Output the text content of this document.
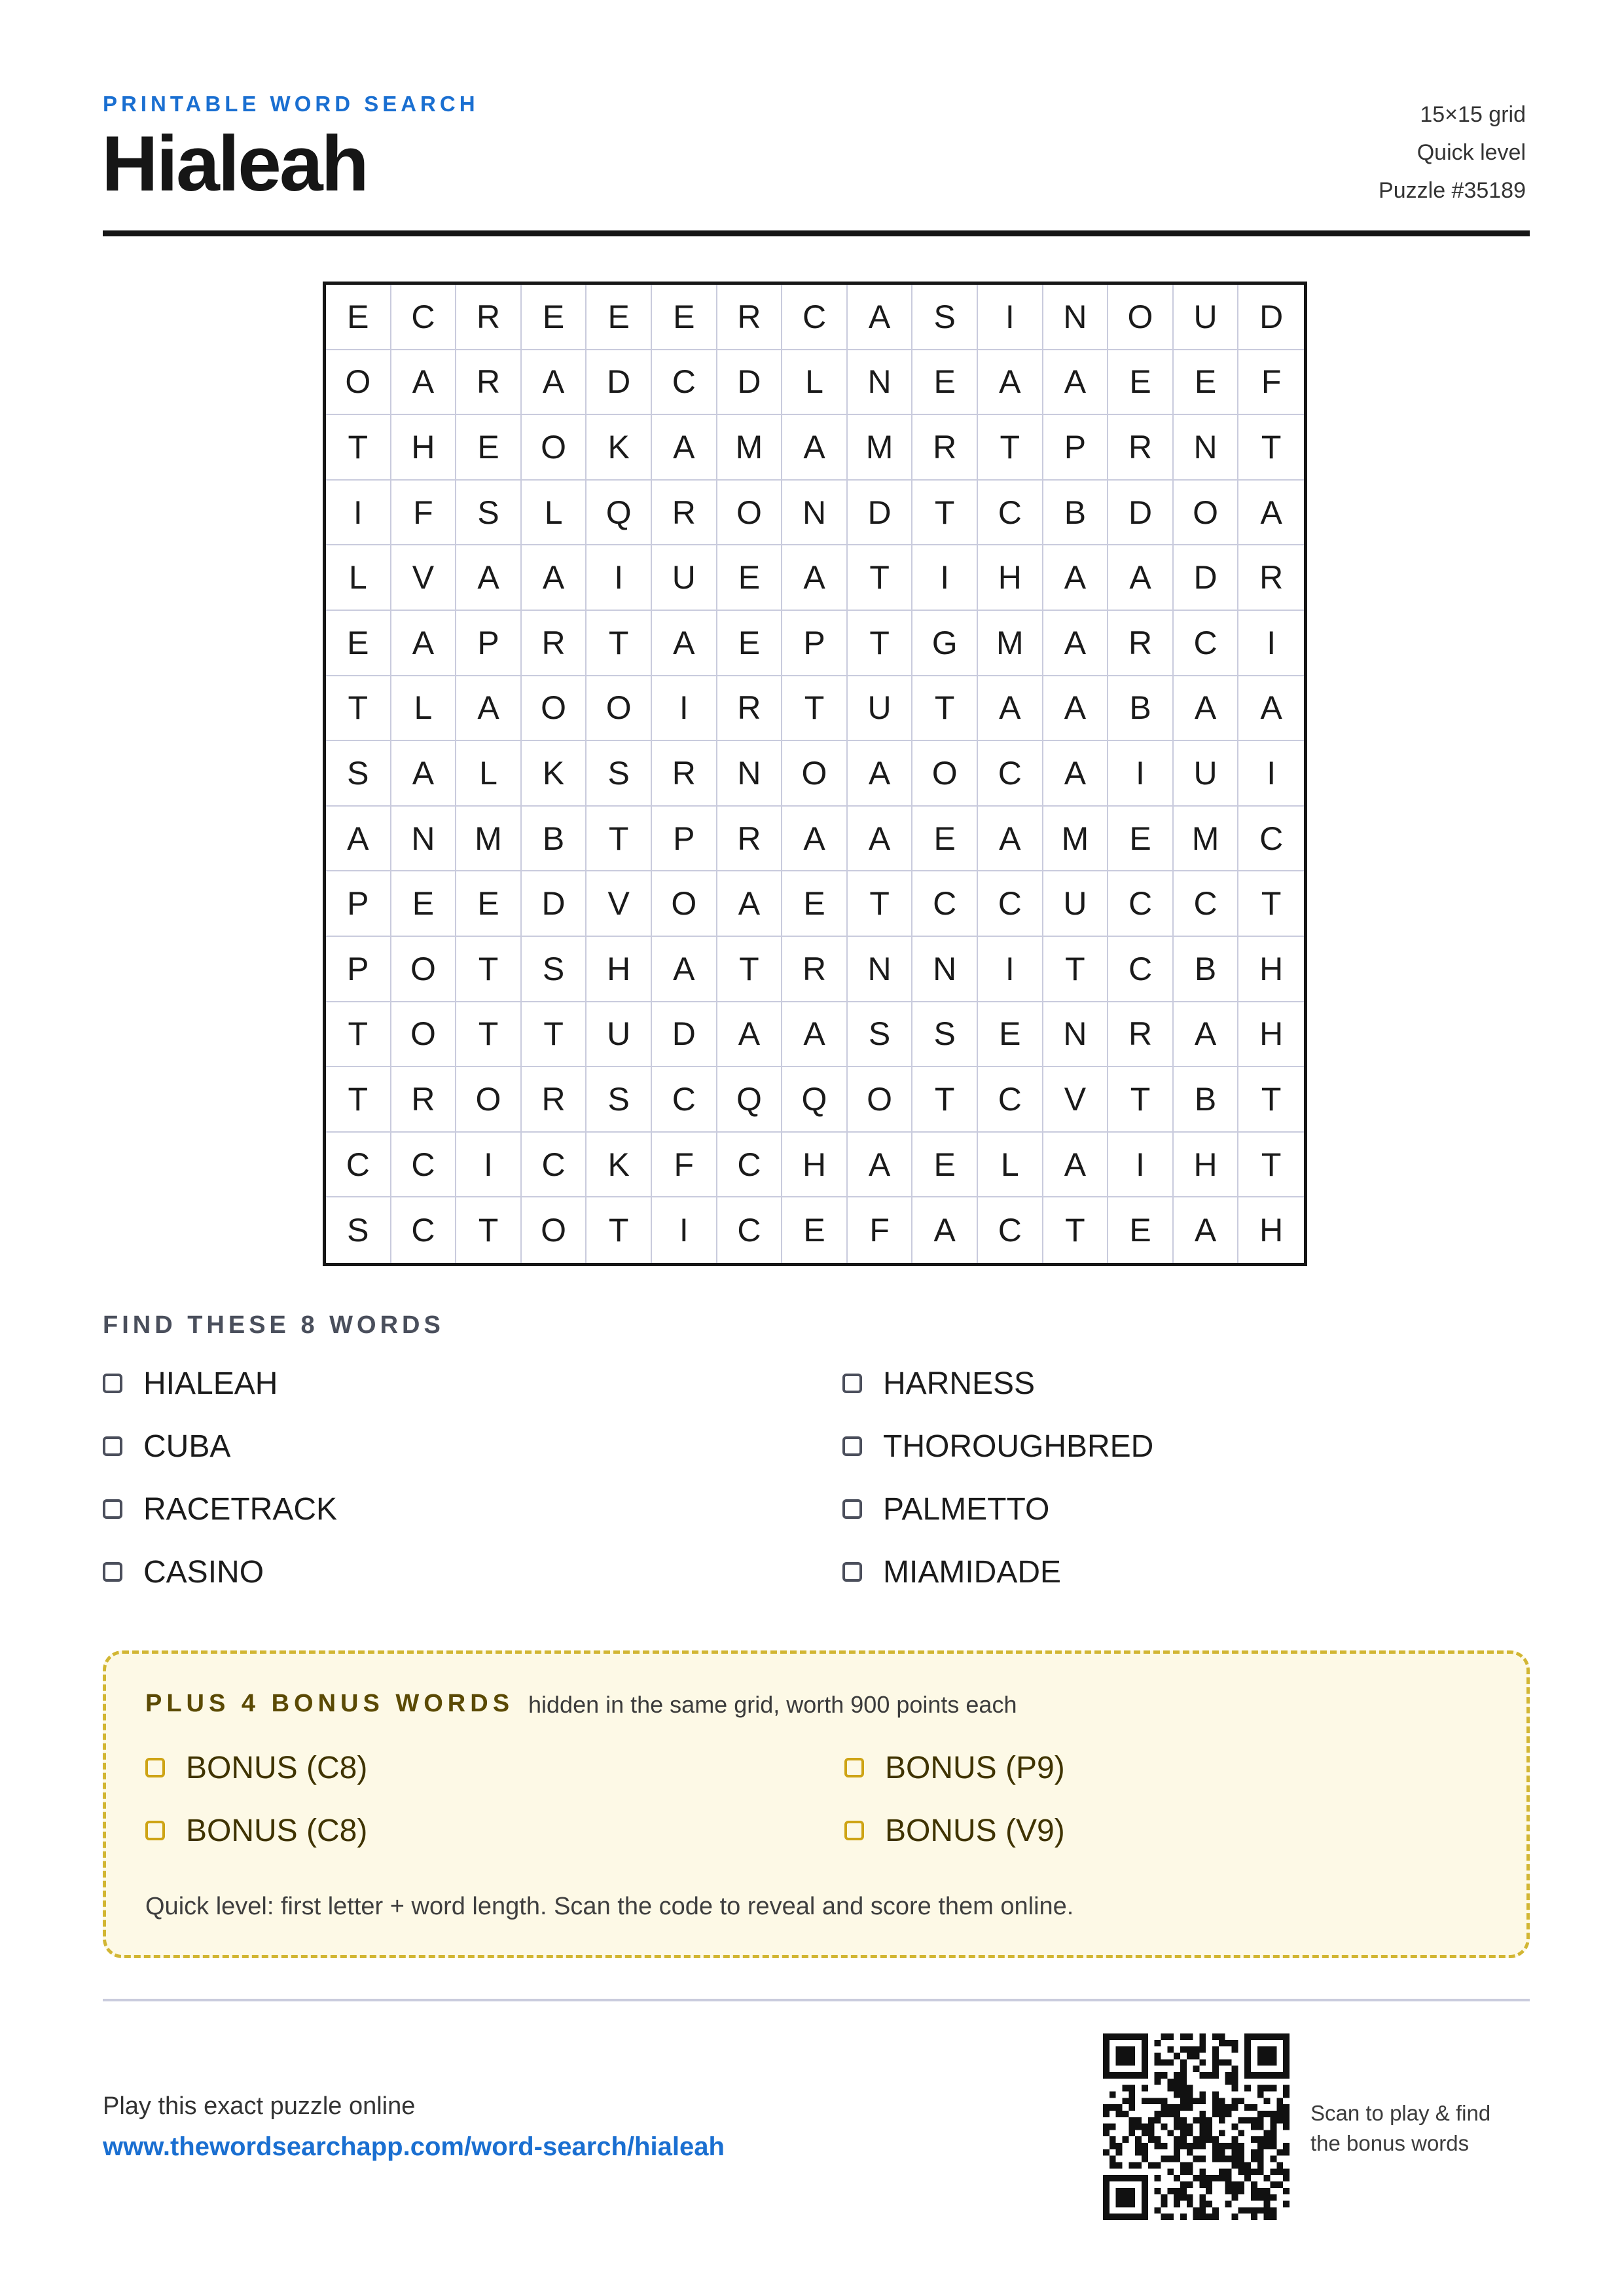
PRINTABLE WORD SEARCH
Hialeah
15×15 grid
Quick level
Puzzle #35189
E	C	R	E	E	E	R	C	A	S	I	N	O	U	D
O	A	R	A	D	C	D	L	N	E	A	A	E	E	F
T	H	E	O	K	A	M	A	M	R	T	P	R	N	T
I	F	S	L	Q	R	O	N	D	T	C	B	D	O	A
L	V	A	A	I	U	E	A	T	I	H	A	A	D	R
E	A	P	R	T	A	E	P	T	G	M	A	R	C	I
T	L	A	O	O	I	R	T	U	T	A	A	B	A	A
S	A	L	K	S	R	N	O	A	O	C	A	I	U	I
A	N	M	B	T	P	R	A	A	E	A	M	E	M	C
P	E	E	D	V	O	A	E	T	C	C	U	C	C	T
P	O	T	S	H	A	T	R	N	N	I	T	C	B	H
T	O	T	T	U	D	A	A	S	S	E	N	R	A	H
T	R	O	R	S	C	Q	Q	O	T	C	V	T	B	T
C	C	I	C	K	F	C	H	A	E	L	A	I	H	T
S	C	T	O	T	I	C	E	F	A	C	T	E	A	H
FIND THESE 8 WORDS
HIALEAH	HARNESS
CUBA	THOROUGHBRED
RACETRACK	PALMETTO
CASINO	MIAMIDADE
PLUS 4 BONUS WORDS hidden in the same grid, worth 900 points each
BONUS (C8)	BONUS (P9)
BONUS (C8)	BONUS (V9)
Quick level: first letter + word length. Scan the code to reveal and score them online.
Play this exact puzzle online
www.thewordsearchapp.com/word-search/hialeah
Scan to play & find the bonus words
